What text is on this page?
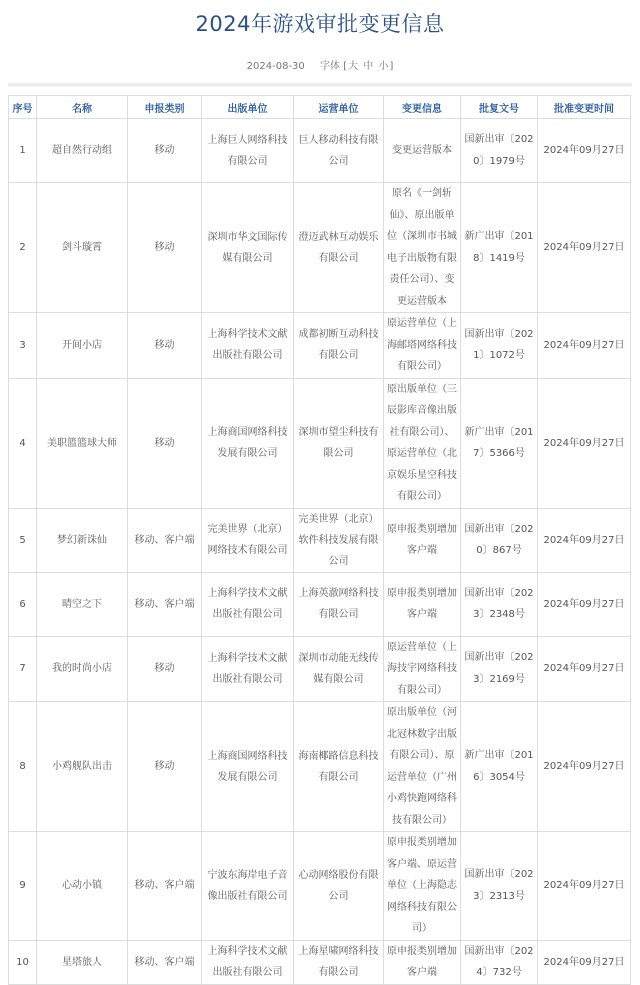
2024年游戏审批变更信息
2024-08-30 字体 [大 中 小]
序号	名称	申报类别	出版单位	运营单位	变更信息	批复文号	批准变更时间
1	超自然行动组	移动	上海巨人网络科技有限公司	巨人移动科技有限公司	变更运营版本	国新出审〔2020〕1979号	2024年09月27日
2	剑斗璇霄	移动	深圳市华文国际传媒有限公司	澄迈武林互动娱乐有限公司	原名《一剑斩仙》、原出版单位（深圳市书城电子出版物有限责任公司）、变更运营版本	新广出审〔2018〕1419号	2024年09月27日
3	开间小店	移动	上海科学技术文献出版社有限公司	成都初断互动科技有限公司	原运营单位（上海邮塔网络科技有限公司）	国新出审〔2021〕1072号	2024年09月27日
4	美职篮篮球大师	移动	上海商国网络科技发展有限公司	深圳市望尘科技有限公司	原出版单位（三辰影库音像出版社有限公司）、原运营单位（北京娱乐星空科技有限公司）	新广出审〔2017〕5366号	2024年09月27日
5	梦幻新诛仙	移动、客户端	完美世界（北京）网络技术有限公司	完美世界（北京）软件科技发展有限公司	原申报类别增加客户端	国新出审〔2020〕867号	2024年09月27日
6	晴空之下	移动、客户端	上海科学技术文献出版社有限公司	上海英澈网络科技有限公司	原申报类别增加客户端	国新出审〔2023〕2348号	2024年09月27日
7	我的时尚小店	移动	上海科学技术文献出版社有限公司	深圳市动能无线传媒有限公司	原运营单位（上海技宇网络科技有限公司）	国新出审〔2023〕2169号	2024年09月27日
8	小鸡舰队出击	移动	上海商国网络科技发展有限公司	海南椰路信息科技有限公司	原出版单位（河北冠林数字出版有限公司）、原运营单位（广州小鸡快跑网络科技有限公司）	新广出审〔2016〕3054号	2024年09月27日
9	心动小镇	移动、客户端	宁波东海岸电子音像出版社有限公司	心动网络股份有限公司	原申报类别增加客户端、原运营单位（上海隐志网络科技有限公司）	国新出审〔2023〕2313号	2024年09月27日
10	星塔旅人	移动、客户端	上海科学技术文献出版社有限公司	上海星啸网络科技有限公司	原申报类别增加客户端	国新出审〔2024〕732号	2024年09月27日
